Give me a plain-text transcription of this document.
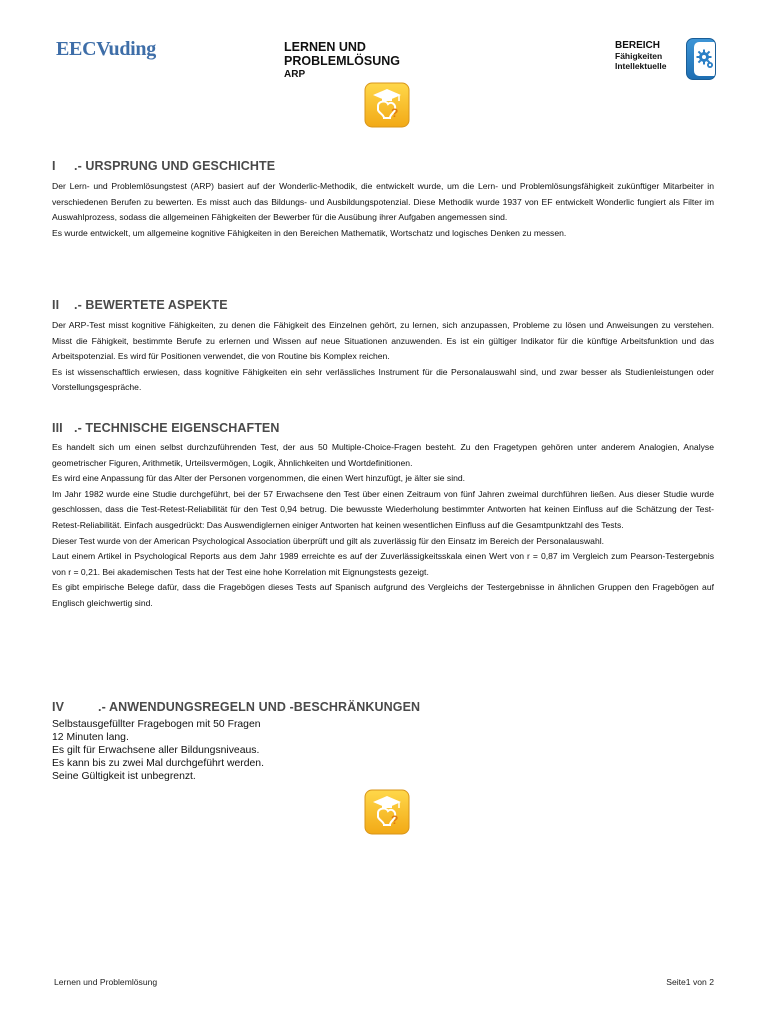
EECVuding	LERNEN UND
PROBLEMLÖSUNG
ARP
BEREICH
Fähigkeiten
Intellektuelle
?
I .- URSPRUNG UND GESCHICHTE

Der Lern- und Problemlösungstest (ARP) basiert auf der Wonderlic-Methodik, die entwickelt wurde, um die Lern- und Problemlösungsfähigkeit zukünftiger Mitarbeiter in verschiedenen Berufen zu bewerten. Es misst auch das Bildungs- und Ausbildungspotenzial. Diese Methodik wurde 1937 von EF entwickelt Wonderlic fungiert als Filter im Auswahlprozess, sodass die allgemeinen Fähigkeiten der Bewerber für die Ausübung ihrer Aufgaben angemessen sind.

Es wurde entwickelt, um allgemeine kognitive Fähigkeiten in den Bereichen Mathematik, Wortschatz und logisches Denken zu messen.

II .- BEWERTETE ASPEKTE

Der ARP-Test misst kognitive Fähigkeiten, zu denen die Fähigkeit des Einzelnen gehört, zu lernen, sich anzupassen, Probleme zu lösen und Anweisungen zu verstehen. Misst die Fähigkeit, bestimmte Berufe zu erlernen und Wissen auf neue Situationen anzuwenden. Es ist ein gültiger Indikator für die künftige Arbeitsfunktion und das Arbeitspotenzial. Es wird für Positionen verwendet, die von Routine bis Komplex reichen.

Es ist wissenschaftlich erwiesen, dass kognitive Fähigkeiten ein sehr verlässliches Instrument für die Personalauswahl sind, und zwar besser als Studienleistungen oder Vorstellungsgespräche.

III .- TECHNISCHE EIGENSCHAFTEN

Es handelt sich um einen selbst durchzuführenden Test, der aus 50 Multiple-Choice-Fragen besteht. Zu den Fragetypen gehören unter anderem Analogien, Analyse geometrischer Figuren, Arithmetik, Urteilsvermögen, Logik, Ähnlichkeiten und Wortdefinitionen.

Es wird eine Anpassung für das Alter der Personen vorgenommen, die einen Wert hinzufügt, je älter sie sind.

Im Jahr 1982 wurde eine Studie durchgeführt, bei der 57 Erwachsene den Test über einen Zeitraum von fünf Jahren zweimal durchführen ließen. Aus dieser Studie wurde geschlossen, dass die Test-Retest-Reliabilität für den Test 0,94 betrug. Die bewusste Wiederholung bestimmter Antworten hat keinen Einfluss auf die Schätzung der Test-Retest-Reliabilität. Einfach ausgedrückt: Das Auswendiglernen einiger Antworten hat keinen wesentlichen Einfluss auf die Gesamtpunktzahl des Tests.

Dieser Test wurde von der American Psychological Association überprüft und gilt als zuverlässig für den Einsatz im Bereich der Personalauswahl.

Laut einem Artikel in Psychological Reports aus dem Jahr 1989 erreichte es auf der Zuverlässigkeitsskala einen Wert von r = 0,87 im Vergleich zum Pearson-Testergebnis von r = 0,21. Bei akademischen Tests hat der Test eine hohe Korrelation mit Eignungstests gezeigt.

Es gibt empirische Belege dafür, dass die Fragebögen dieses Tests auf Spanisch aufgrund des Vergleichs der Testergebnisse in ähnlichen Gruppen den Fragebögen auf Englisch gleichwertig sind.

IV	.- ANWENDUNGSREGELN UND -BESCHRÄNKUNGEN
Selbstausgefüllter Fragebogen mit 50 Fragen
12 Minuten lang.
Es gilt für Erwachsene aller Bildungsniveaus.
Es kann bis zu zwei Mal durchgeführt werden.
Seine Gültigkeit ist unbegrenzt.
?
Lernen und Problemlösung	Seite1 von 2
